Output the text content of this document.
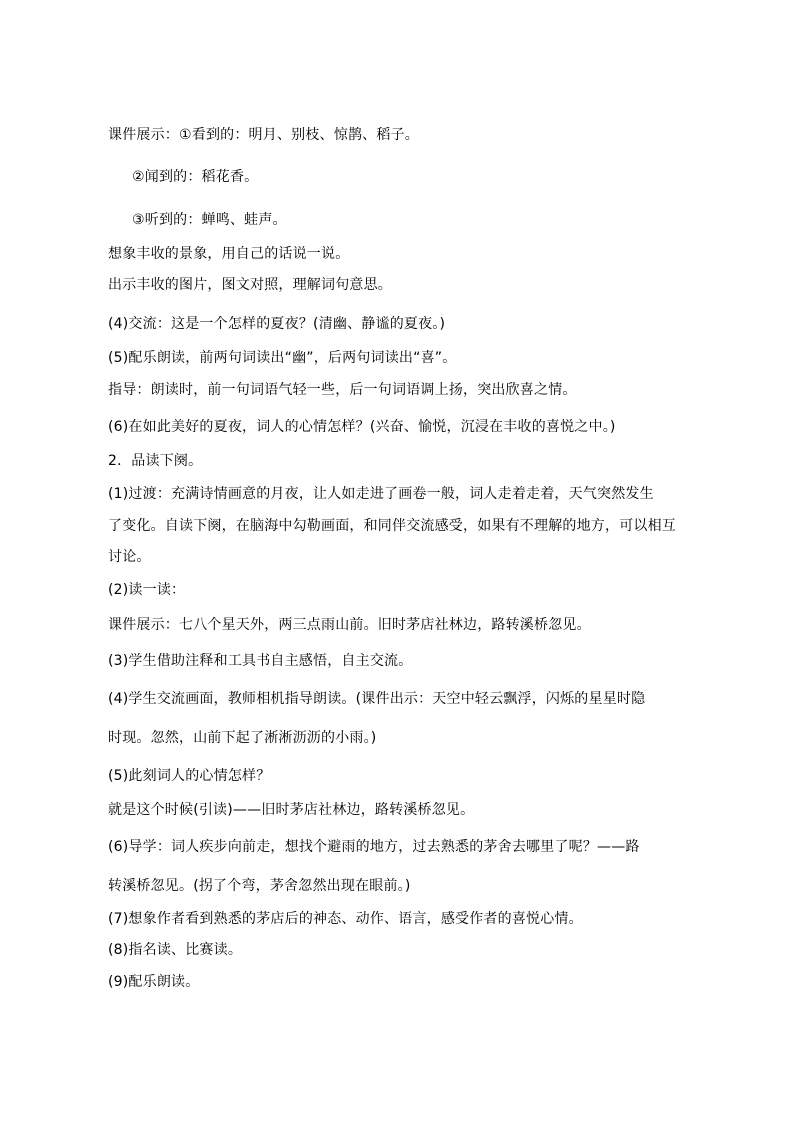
课件展示：①看到的：明月、别枝、惊鹊、稻子。
②闻到的：稻花香。
③听到的：蝉鸣、蛙声。
想象丰收的景象，用自己的话说一说。
出示丰收的图片，图文对照，理解词句意思。
(4)交流：这是一个怎样的夏夜？(清幽、静谧的夏夜。)
(5)配乐朗读，前两句词读出“幽”，后两句词读出“喜”。
指导：朗读时，前一句词语气轻一些，后一句词语调上扬，突出欣喜之情。
(6)在如此美好的夏夜，词人的心情怎样？(兴奋、愉悦，沉浸在丰收的喜悦之中。)
2．品读下阕。
(1)过渡：充满诗情画意的月夜，让人如走进了画卷一般，词人走着走着，天气突然发生
了变化。自读下阕，在脑海中勾勒画面，和同伴交流感受，如果有不理解的地方，可以相互
讨论。
(2)读一读：
课件展示：七八个星天外，两三点雨山前。旧时茅店社林边，路转溪桥忽见。
(3)学生借助注释和工具书自主感悟，自主交流。
(4)学生交流画面，教师相机指导朗读。(课件出示：天空中轻云飘浮，闪烁的星星时隐
时现。忽然，山前下起了淅淅沥沥的小雨。)
(5)此刻词人的心情怎样？
就是这个时候(引读)——旧时茅店社林边，路转溪桥忽见。
(6)导学：词人疾步向前走，想找个避雨的地方，过去熟悉的茅舍去哪里了呢？——路
转溪桥忽见。(拐了个弯，茅舍忽然出现在眼前。)
(7)想象作者看到熟悉的茅店后的神态、动作、语言，感受作者的喜悦心情。
(8)指名读、比赛读。
(9)配乐朗读。
